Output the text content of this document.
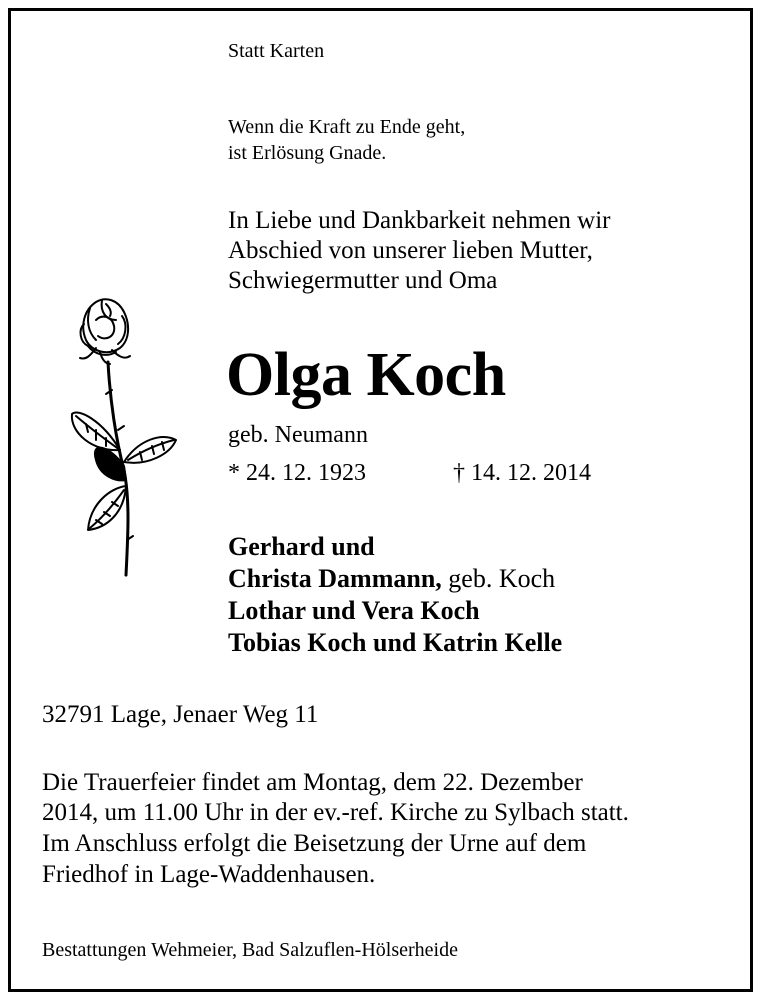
Statt Karten

Wenn die Kraft zu Ende geht,

ist Erlösung Gnade.

In Liebe und Dankbarkeit nehmen wir

Abschied von unserer lieben Mutter,

Schwiegermutter und Oma

Olga Koch

geb. Neumann

* 24. 12. 1923	† 14. 12. 2014

Gerhard und

Christa Dammann, geb. Koch

Lothar und Vera Koch

Tobias Koch und Katrin Kelle

32791 Lage, Jenaer Weg 11

Die Trauerfeier findet am Montag, dem 22. Dezember

2014, um 11.00 Uhr in der ev.-ref. Kirche zu Sylbach statt.

Im Anschluss erfolgt die Beisetzung der Urne auf dem

Friedhof in Lage-Waddenhausen.

Bestattungen Wehmeier, Bad Salzuflen-Hölserheide
